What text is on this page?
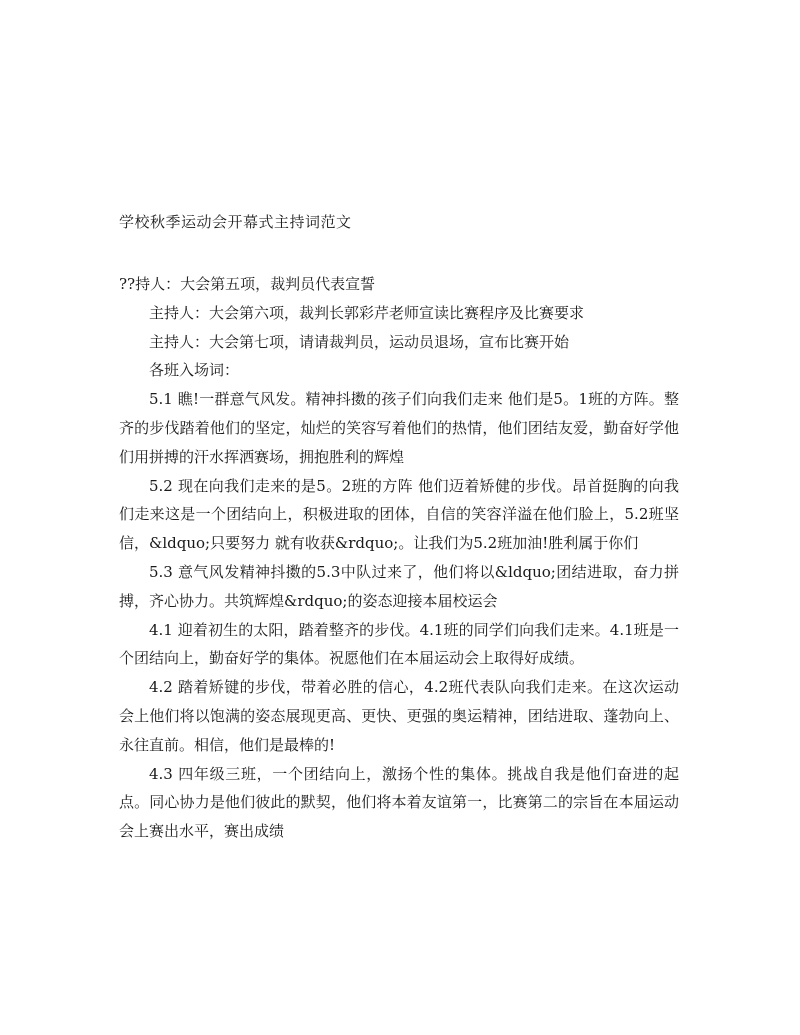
学校秋季运动会开幕式主持词范文

??持人：大会第五项，裁判员代表宣誓

主持人：大会第六项，裁判长郭彩芹老师宣读比赛程序及比赛要求

主持人：大会第七项，请请裁判员，运动员退场，宣布比赛开始

各班入场词：

5.1 瞧!一群意气风发。精神抖擞的孩子们向我们走来 他们是5。1班的方阵。整齐的步伐踏着他们的坚定，灿烂的笑容写着他们的热情，他们团结友爱，勤奋好学他们用拼搏的汗水挥洒赛场，拥抱胜利的辉煌

5.2 现在向我们走来的是5。2班的方阵 他们迈着矫健的步伐。昂首挺胸的向我们走来这是一个团结向上，积极进取的团体，自信的笑容洋溢在他们脸上，5.2班坚信，&ldquo;只要努力 就有收获&rdquo;。让我们为5.2班加油!胜利属于你们

5.3 意气风发精神抖擞的5.3中队过来了，他们将以&ldquo;团结进取，奋力拼搏，齐心协力。共筑辉煌&rdquo;的姿态迎接本届校运会

4.1 迎着初生的太阳，踏着整齐的步伐。4.1班的同学们向我们走来。4.1班是一个团结向上，勤奋好学的集体。祝愿他们在本届运动会上取得好成绩。

4.2 踏着矫键的步伐，带着必胜的信心，4.2班代表队向我们走来。在这次运动会上他们将以饱满的姿态展现更高、更快、更强的奥运精神，团结进取、蓬勃向上、永往直前。相信，他们是最棒的!

4.3 四年级三班，一个团结向上，激扬个性的集体。挑战自我是他们奋进的起点。同心协力是他们彼此的默契，他们将本着友谊第一，比赛第二的宗旨在本届运动会上赛出水平，赛出成绩
